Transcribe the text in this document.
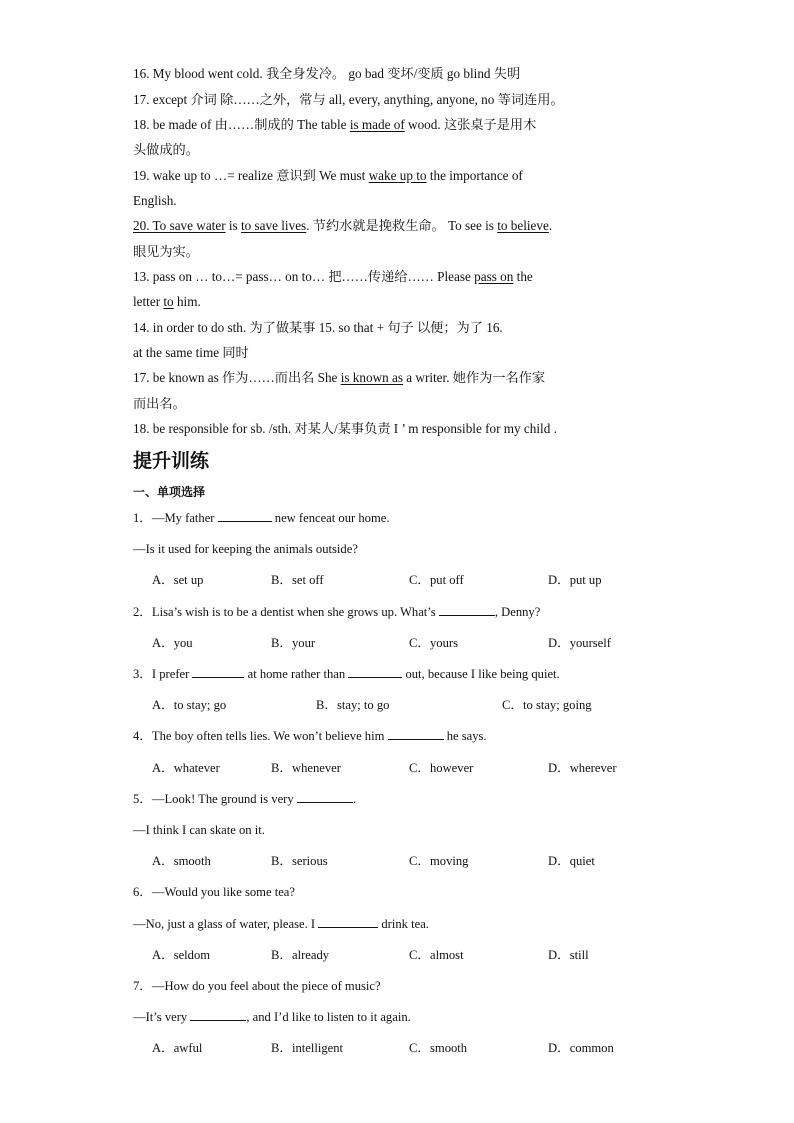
16. My blood went cold. 我全身发冷。 go bad 变坏/变质 go blind 失明
17. except 介词 除……之外，常与 all, every, anything, anyone, no 等词连用。
18. be made of 由……制成的 The table is made of wood. 这张桌子是用木
头做成的。
19. wake up to …= realize 意识到 We must wake up to the importance of
English.
20. To save water is to save lives. 节约水就是挽救生命。 To see is to believe.
眼见为实。
13. pass on … to…= pass… on to… 把……传递给…… Please pass on the
letter to him.
14. in order to do sth. 为了做某事 15. so that + 句子 以便；为了 16.
at the same time 同时
17. be known as 作为……而出名 She is known as a writer. 她作为一名作家
而出名。
18. be responsible for sb. /sth. 对某人/某事负责 I ’ m responsible for my child .
提升训练
一、单项选择
1．—My father	new fenceat our home.
—Is it used for keeping the animals outside?
A．set up	B．set off	C．put off	D．put up
2．Lisa’s wish is to be a dentist when she grows up. What’s	, Denny?
A．you	B．your	C．yours	D．yourself
3．I prefer	at home rather than	out, because I like being quiet.
A．to stay; go	B．stay; to go	C．to stay; going
4．The boy often tells lies. We won’t believe him	he says.
A．whatever	B．whenever	C．however	D．wherever
5．—Look! The ground is very	.
—I think I can skate on it.
A．smooth	B．serious	C．moving	D．quiet
6．—Would you like some tea?
—No, just a glass of water, please. I	drink tea.
A．seldom	B．already	C．almost	D．still
7．—How do you feel about the piece of music?
—It’s very	, and I’d like to listen to it again.
A．awful	B．intelligent	C．smooth	D．common
